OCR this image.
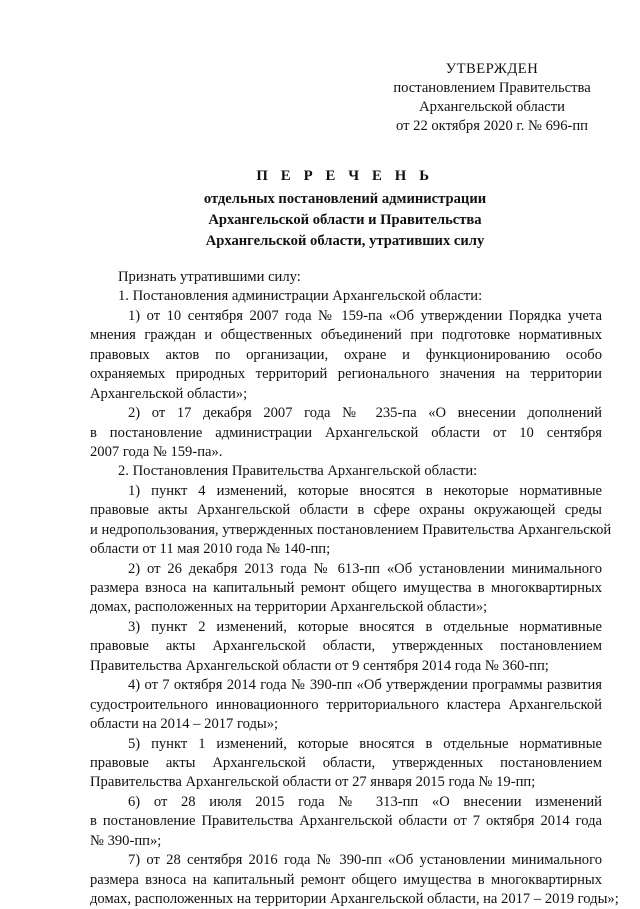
УТВЕРЖДЕН
постановлением Правительства
Архангельской области
от 22 октября 2020 г. № 696-пп
П Е Р Е Ч Е Н Ь
отдельных постановлений администрации
Архангельской области и Правительства
Архангельской области, утративших силу
Признать утратившими силу:
1. Постановления администрации Архангельской области:
1) от 10 сентября 2007 года № 159-па «Об утверждении Порядка учета
мнения граждан и общественных объединений при подготовке нормативных
правовых актов по организации, охране и функционированию особо
охраняемых природных территорий регионального значения на территории
Архангельской области»;
2) от 17 декабря 2007 года № 235-па «О внесении дополнений
в постановление администрации Архангельской области от 10 сентября
2007 года № 159-па».
2. Постановления Правительства Архангельской области:
1) пункт 4 изменений, которые вносятся в некоторые нормативные
правовые акты Архангельской области в сфере охраны окружающей среды
и недропользования, утвержденных постановлением Правительства Архангельской
области от 11 мая 2010 года № 140-пп;
2) от 26 декабря 2013 года № 613-пп «Об установлении минимального
размера взноса на капитальный ремонт общего имущества в многоквартирных
домах, расположенных на территории Архангельской области»;
3) пункт 2 изменений, которые вносятся в отдельные нормативные
правовые акты Архангельской области, утвержденных постановлением
Правительства Архангельской области от 9 сентября 2014 года № 360-пп;
4) от 7 октября 2014 года № 390-пп «Об утверждении программы развития
судостроительного инновационного территориального кластера Архангельской
области на 2014 – 2017 годы»;
5) пункт 1 изменений, которые вносятся в отдельные нормативные
правовые акты Архангельской области, утвержденных постановлением
Правительства Архангельской области от 27 января 2015 года № 19-пп;
6) от 28 июля 2015 года № 313-пп «О внесении изменений
в постановление Правительства Архангельской области от 7 октября 2014 года
№ 390-пп»;
7) от 28 сентября 2016 года № 390-пп «Об установлении минимального
размера взноса на капитальный ремонт общего имущества в многоквартирных
домах, расположенных на территории Архангельской области, на 2017 – 2019 годы»;
